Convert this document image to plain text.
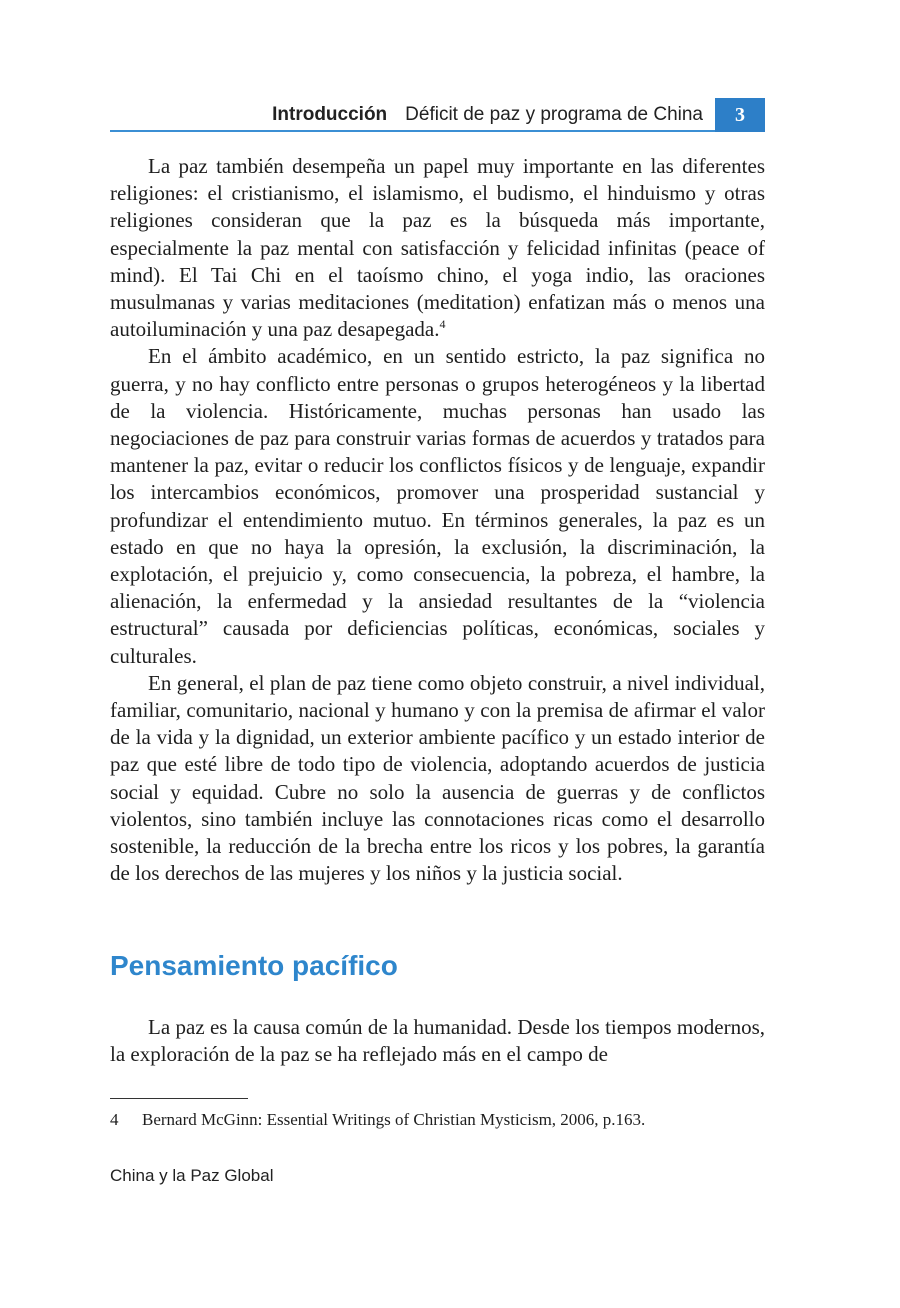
Introducción Déficit de paz y programa de China 3

La paz también desempeña un papel muy importante en las diferentes religiones: el cristianismo, el islamismo, el budismo, el hinduismo y otras religiones consideran que la paz es la búsqueda más importante, especialmente la paz mental con satisfacción y felicidad infinitas (peace of mind). El Tai Chi en el taoísmo chino, el yoga indio, las oraciones musulmanas y varias meditaciones (meditation) enfatizan más o menos una autoiluminación y una paz desapegada.$^4$

En el ámbito académico, en un sentido estricto, la paz significa no guerra, y no hay conflicto entre personas o grupos heterogéneos y la libertad de la violencia. Históricamente, muchas personas han usado las negociaciones de paz para construir varias formas de acuerdos y tratados para mantener la paz, evitar o reducir los conflictos físicos y de lenguaje, expandir los intercambios económicos, promover una prosperidad sustancial y profundizar el entendimiento mutuo. En términos generales, la paz es un estado en que no haya la opresión, la exclusión, la discriminación, la explotación, el prejuicio y, como consecuencia, la pobreza, el hambre, la alienación, la enfermedad y la ansiedad resultantes de la “violencia estructural” causada por deficiencias políticas, económicas, sociales y culturales.

En general, el plan de paz tiene como objeto construir, a nivel individual, familiar, comunitario, nacional y humano y con la premisa de afirmar el valor de la vida y la dignidad, un exterior ambiente pacífico y un estado interior de paz que esté libre de todo tipo de violencia, adoptando acuerdos de justicia social y equidad. Cubre no solo la ausencia de guerras y de conflictos violentos, sino también incluye las connotaciones ricas como el desarrollo sostenible, la reducción de la brecha entre los ricos y los pobres, la garantía de los derechos de las mujeres y los niños y la justicia social.

Pensamiento pacífico

La paz es la causa común de la humanidad. Desde los tiempos modernos, la exploración de la paz se ha reflejado más en el campo de

4 Bernard McGinn: Essential Writings of Christian Mysticism, 2006, p.163.
China y la Paz Global
